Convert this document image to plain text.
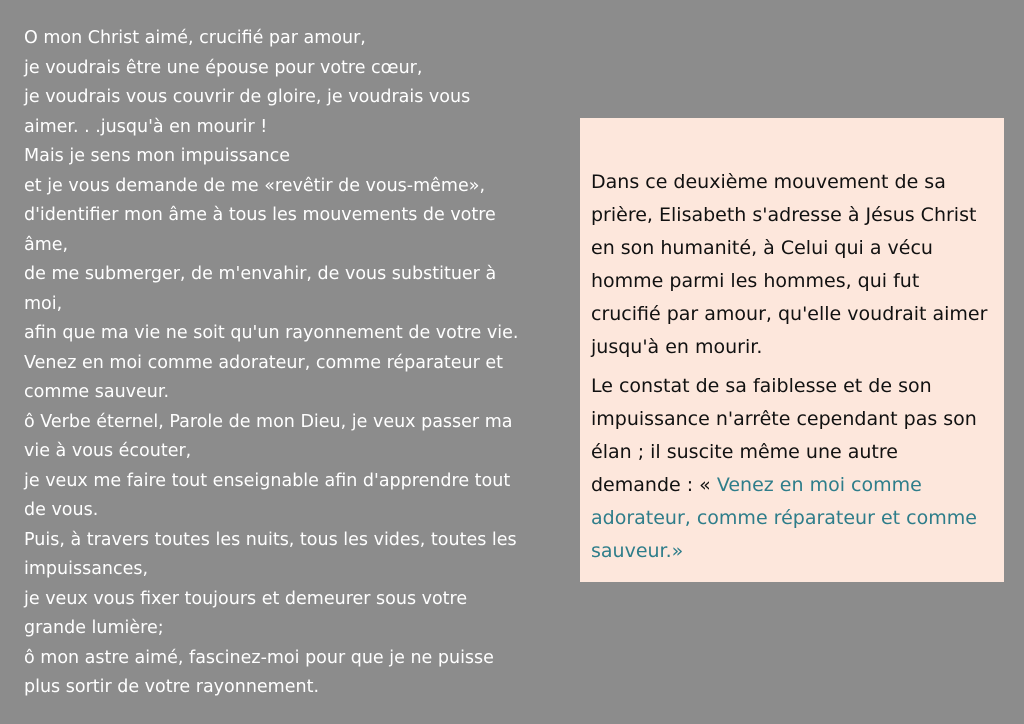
O mon Christ aimé, crucifié par amour,
je voudrais être une épouse pour votre cœur,
je voudrais vous couvrir de gloire, je voudrais vous
aimer. . .jusqu'à en mourir !
Mais je sens mon impuissance
et je vous demande de me «revêtir de vous-même»,
d'identifier mon âme à tous les mouvements de votre
âme,
de me submerger, de m'envahir, de vous substituer à
moi,
afin que ma vie ne soit qu'un rayonnement de votre vie.
Venez en moi comme adorateur, comme réparateur et
comme sauveur.
ô Verbe éternel, Parole de mon Dieu, je veux passer ma
vie à vous écouter,
je veux me faire tout enseignable afin d'apprendre tout
de vous.
Puis, à travers toutes les nuits, tous les vides, toutes les
impuissances,
je veux vous fixer toujours et demeurer sous votre
grande lumière;
ô mon astre aimé, fascinez-moi pour que je ne puisse
plus sortir de votre rayonnement.

Dans ce deuxième mouvement de sa prière, Elisabeth s'adresse à Jésus Christ en son humanité, à Celui qui a vécu homme parmi les hommes, qui fut crucifié par amour, qu'elle voudrait aimer jusqu'à en mourir.

Le constat de sa faiblesse et de son impuissance n'arrête cependant pas son élan ; il suscite même une autre demande : « Venez en moi comme adorateur, comme réparateur et comme sauveur.»
